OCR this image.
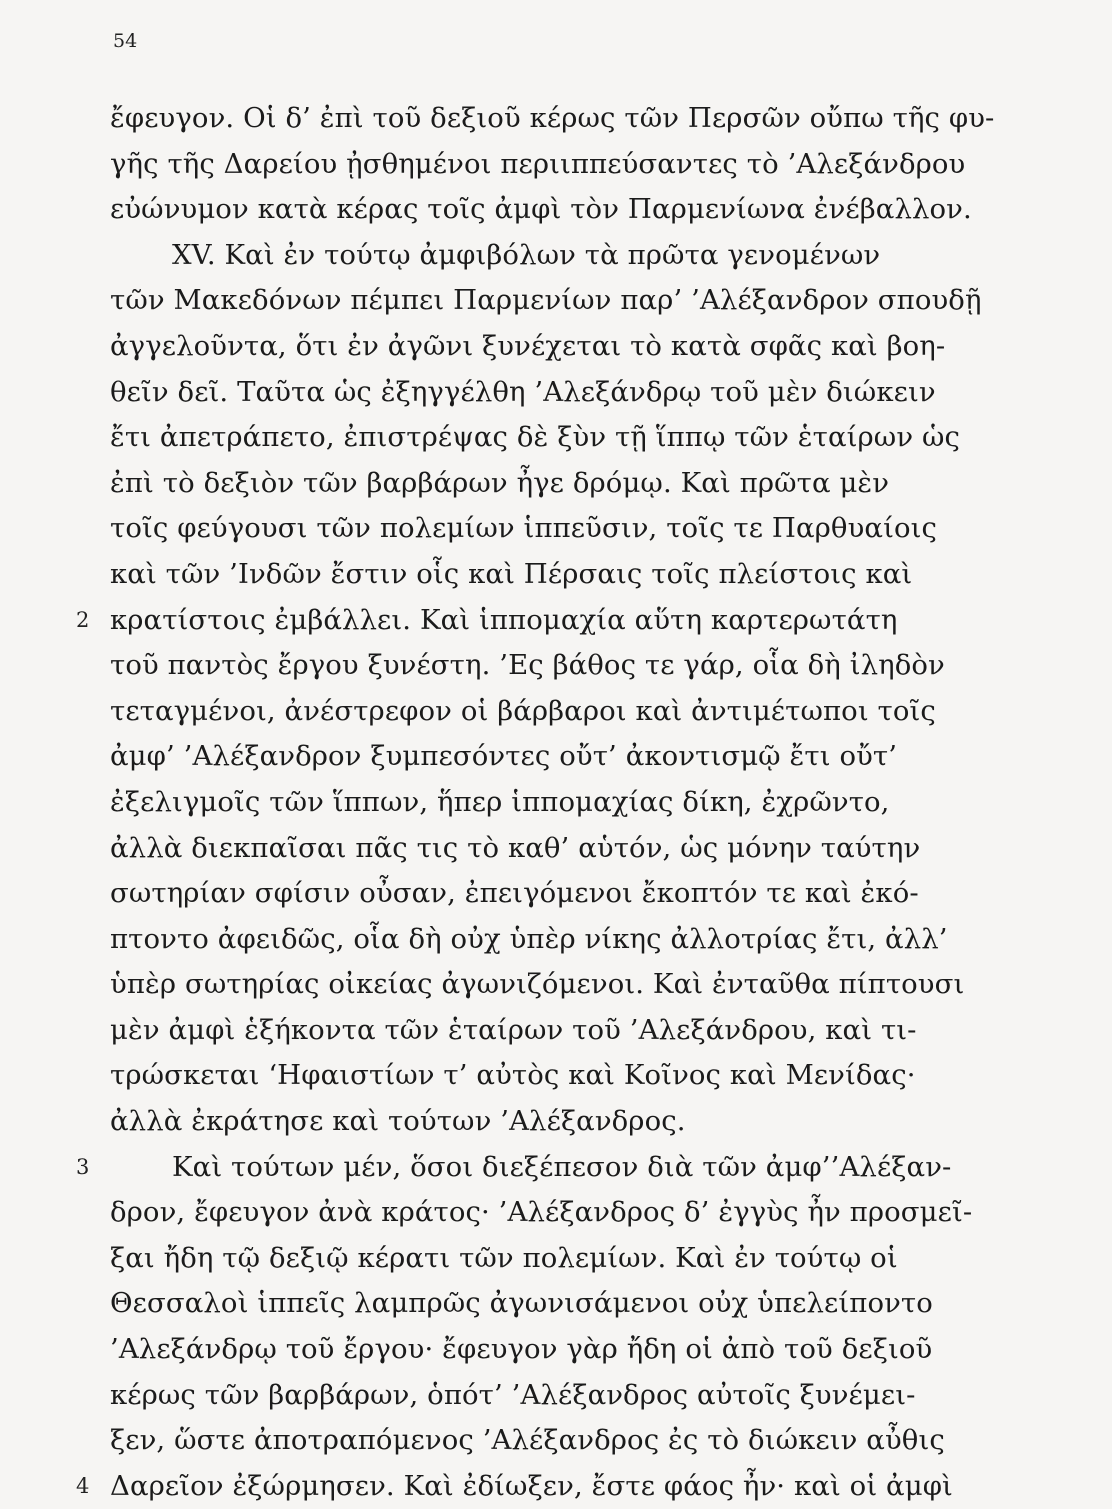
54
ἔφευγον. Οἱ δ’ ἐπὶ τοῦ δεξιοῦ κέρως τῶν Περσῶν οὔπω τῆς φυ-
γῆς τῆς Δαρείου ᾐσθημένοι περιιππεύσαντες τὸ ’Αλεξάνδρου
εὐώνυμον κατὰ κέρας τοῖς ἀμφὶ τὸν Παρμενίωνα ἐνέβαλλον.
XV. Καὶ ἐν τούτῳ ἀμφιβόλων τὰ πρῶτα γενομένων
τῶν Μακεδόνων πέμπει Παρμενίων παρ’ ’Αλέξανδρον σπουδῇ
ἀγγελοῦντα, ὅτι ἐν ἀγῶνι ξυνέχεται τὸ κατὰ σφᾶς καὶ βοη-
θεῖν δεῖ. Ταῦτα ὡς ἐξηγγέλθη ’Αλεξάνδρῳ τοῦ μὲν διώκειν
ἔτι ἀπετράπετο, ἐπιστρέψας δὲ ξὺν τῇ ἵππῳ τῶν ἑταίρων ὡς
ἐπὶ τὸ δεξιὸν τῶν βαρβάρων ἦγε δρόμῳ. Καὶ πρῶτα μὲν
τοῖς φεύγουσι τῶν πολεμίων ἱππεῦσιν, τοῖς τε Παρθυαίοις
καὶ τῶν ’Ινδῶν ἔστιν οἷς καὶ Πέρσαις τοῖς πλείστοις καὶ
2 κρατίστοις ἐμβάλλει. Καὶ ἱππομαχία αὕτη καρτερωτάτη
τοῦ παντὸς ἔργου ξυνέστη. ’Ες βάθος τε γάρ, οἷα δὴ ἰληδὸν
τεταγμένοι, ἀνέστρεφον οἱ βάρβαροι καὶ ἀντιμέτωποι τοῖς
ἀμφ’ ’Αλέξανδρον ξυμπεσόντες οὔτ’ ἀκοντισμῷ ἔτι οὔτ’
ἐξελιγμοῖς τῶν ἵππων, ἥπερ ἱππομαχίας δίκη, ἐχρῶντο,
ἀλλὰ διεκπαῖσαι πᾶς τις τὸ καθ’ αὑτόν, ὡς μόνην ταύτην
σωτηρίαν σφίσιν οὖσαν, ἐπειγόμενοι ἔκοπτόν τε καὶ ἐκό-
πτοντο ἀφειδῶς, οἷα δὴ οὐχ ὑπὲρ νίκης ἀλλοτρίας ἔτι, ἀλλ’
ὑπὲρ σωτηρίας οἰκείας ἀγωνιζόμενοι. Καὶ ἐνταῦθα πίπτουσι
μὲν ἀμφὶ ἑξήκοντα τῶν ἑταίρων τοῦ ’Αλεξάνδρου, καὶ τι-
τρώσκεται ‘Ηφαιστίων τ’ αὐτὸς καὶ Κοῖνος καὶ Μενίδας·
ἀλλὰ ἐκράτησε καὶ τούτων ’Αλέξανδρος.
3	Καὶ τούτων μέν, ὅσοι διεξέπεσον διὰ τῶν ἀμφ’’Αλέξαν-
δρον, ἔφευγον ἀνὰ κράτος· ’Αλέξανδρος δ’ ἐγγὺς ἦν προσμεῖ-
ξαι ἤδη τῷ δεξιῷ κέρατι τῶν πολεμίων. Καὶ ἐν τούτῳ οἱ
Θεσσαλοὶ ἱππεῖς λαμπρῶς ἀγωνισάμενοι οὐχ ὑπελείποντο
’Αλεξάνδρῳ τοῦ ἔργου· ἔφευγον γὰρ ἤδη οἱ ἀπὸ τοῦ δεξιοῦ
κέρως τῶν βαρβάρων, ὁπότ’ ’Αλέξανδρος αὐτοῖς ξυνέμει-
ξεν, ὥστε ἀποτραπόμενος ’Αλέξανδρος ἐς τὸ διώκειν αὖθις
4 Δαρεῖον ἐξώρμησεν. Καὶ ἐδίωξεν, ἔστε φάος ἦν· καὶ οἱ ἀμφὶ
